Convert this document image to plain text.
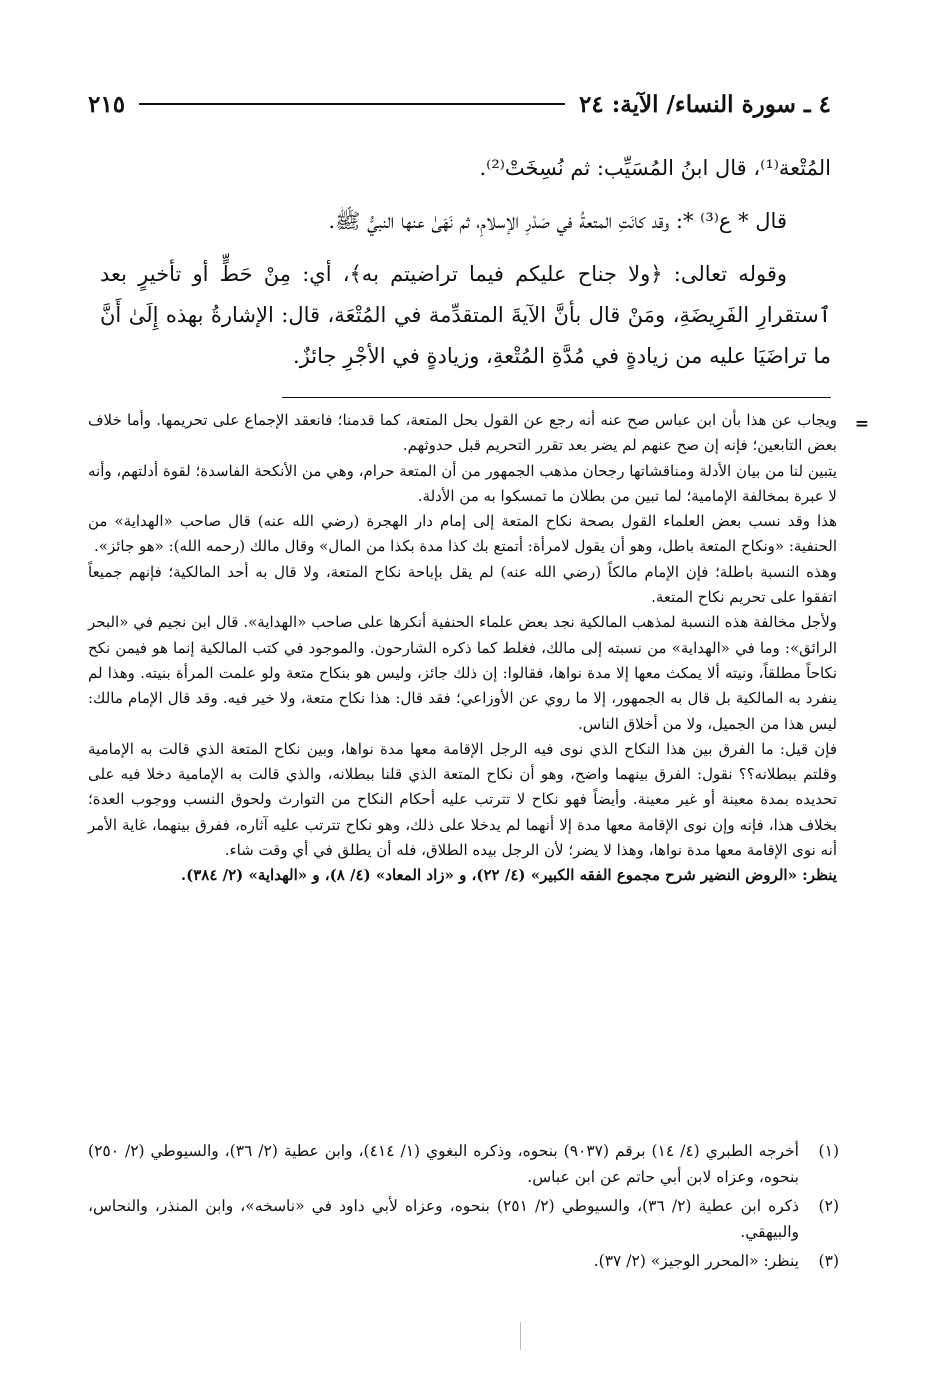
٤ ـ سورة النساء/ الآية: ٢٤
٢١٥

المُتْعة⁽¹⁾، قال ابنُ المُسَيِّب: ثم نُسِخَتْ⁽²⁾.

قال * ع⁽³⁾ *: وقد كانَتِ المتعةُ في صَدْرِ الإسلامِ، ثم نَهَىٰ عنها النبيُّ ﷺ.

وقوله تعالى: ﴿ولا جناح عليكم فيما تراضيتم به﴾، أي: مِنْ حَطٍّ أو تأخيرٍ بعد ٱستقرارِ الفَرِيضَةِ، ومَنْ قال بأنَّ الآيةَ المتقدِّمة في المُتْعَة، قال: الإشارةُ بهذه إِلَىٰ أَنَّ ما تراضَيَا عليه من زيادةٍ في مُدَّةِ المُتْعةِ، وزيادةٍ في الأجْرِ جائزٌ.

=

ويجاب عن هذا بأن ابن عباس صح عنه أنه رجع عن القول بحل المتعة، كما قدمنا؛ فانعقد الإجماع على تحريمها. وأما خلاف بعض التابعين؛ فإنه إن صح عنهم لم يضر بعد تقرر التحريم قبل حدوثهم.

يتبين لنا من بيان الأدلة ومناقشاتها رجحان مذهب الجمهور من أن المتعة حرام، وهي من الأنكحة الفاسدة؛ لقوة أدلتهم، وأنه لا عبرة بمخالفة الإمامية؛ لما تبين من بطلان ما تمسكوا به من الأدلة.

هذا وقد نسب بعض العلماء القول بصحة نكاح المتعة إلى إمام دار الهجرة (رضي الله عنه) قال صاحب «الهداية» من الحنفية: «ونكاح المتعة باطل، وهو أن يقول لامرأة: أتمتع بك كذا مدة بكذا من المال» وقال مالك (رحمه الله): «هو جائز».

وهذه النسبة باطلة؛ فإن الإمام مالكاً (رضي الله عنه) لم يقل بإباحة نكاح المتعة، ولا قال به أحد المالكية؛ فإنهم جميعاً اتفقوا على تحريم نكاح المتعة.

ولأجل مخالفة هذه النسبة لمذهب المالكية نجد بعض علماء الحنفية أنكرها على صاحب «الهداية». قال ابن نجيم في «البحر الرائق»: وما في «الهداية» من نسبته إلى مالك، فغلط كما ذكره الشارحون. والموجود في كتب المالكية إنما هو فيمن نكح نكاحاً مطلقاً، ونيته ألا يمكث معها إلا مدة نواها، فقالوا: إن ذلك جائز، وليس هو بنكاح متعة ولو علمت المرأة بنيته. وهذا لم ينفرد به المالكية بل قال به الجمهور، إلا ما روي عن الأوزاعي؛ فقد قال: هذا نكاح متعة، ولا خير فيه. وقد قال الإمام مالك: ليس هذا من الجميل، ولا من أخلاق الناس.

فإن قيل: ما الفرق بين هذا النكاح الذي نوى فيه الرجل الإقامة معها مدة نواها، وبين نكاح المتعة الذي قالت به الإمامية وقلتم ببطلانه؟؟ نقول: الفرق بينهما واضح، وهو أن نكاح المتعة الذي قلنا ببطلانه، والذي قالت به الإمامية دخلا فيه على تحديده بمدة معينة أو غير معينة. وأيضاً فهو نكاح لا تترتب عليه أحكام النكاح من التوارث ولحوق النسب ووجوب العدة؛ بخلاف هذا، فإنه وإن نوى الإقامة معها مدة إلا أنهما لم يدخلا على ذلك، وهو نكاح تترتب عليه آثاره، ففرق بينهما، غاية الأمر أنه نوى الإقامة معها مدة نواها، وهذا لا يضر؛ لأن الرجل بيده الطلاق، فله أن يطلق في أي وقت شاء.

ينظر: «الروض النضير شرح مجموع الفقه الكبير» (٤/ ٢٢)، و «زاد المعاد» (٤/ ٨)، و «الهداية» (٢/ ٣٨٤).

(١)
أخرجه الطبري (٤/ ١٤) برقم (٩٠٣٧) بنحوه، وذكره البغوي (١/ ٤١٤)، وابن عطية (٢/ ٣٦)، والسيوطي (٢/ ٢٥٠) بنحوه، وعزاه لابن أبي حاتم عن ابن عباس.
(٢)
ذكره ابن عطية (٢/ ٣٦)، والسيوطي (٢/ ٢٥١) بنحوه، وعزاه لأبي داود في «ناسخه»، وابن المنذر، والنحاس، والبيهقي.
(٣)
ينظر: «المحرر الوجيز» (٢/ ٣٧).
